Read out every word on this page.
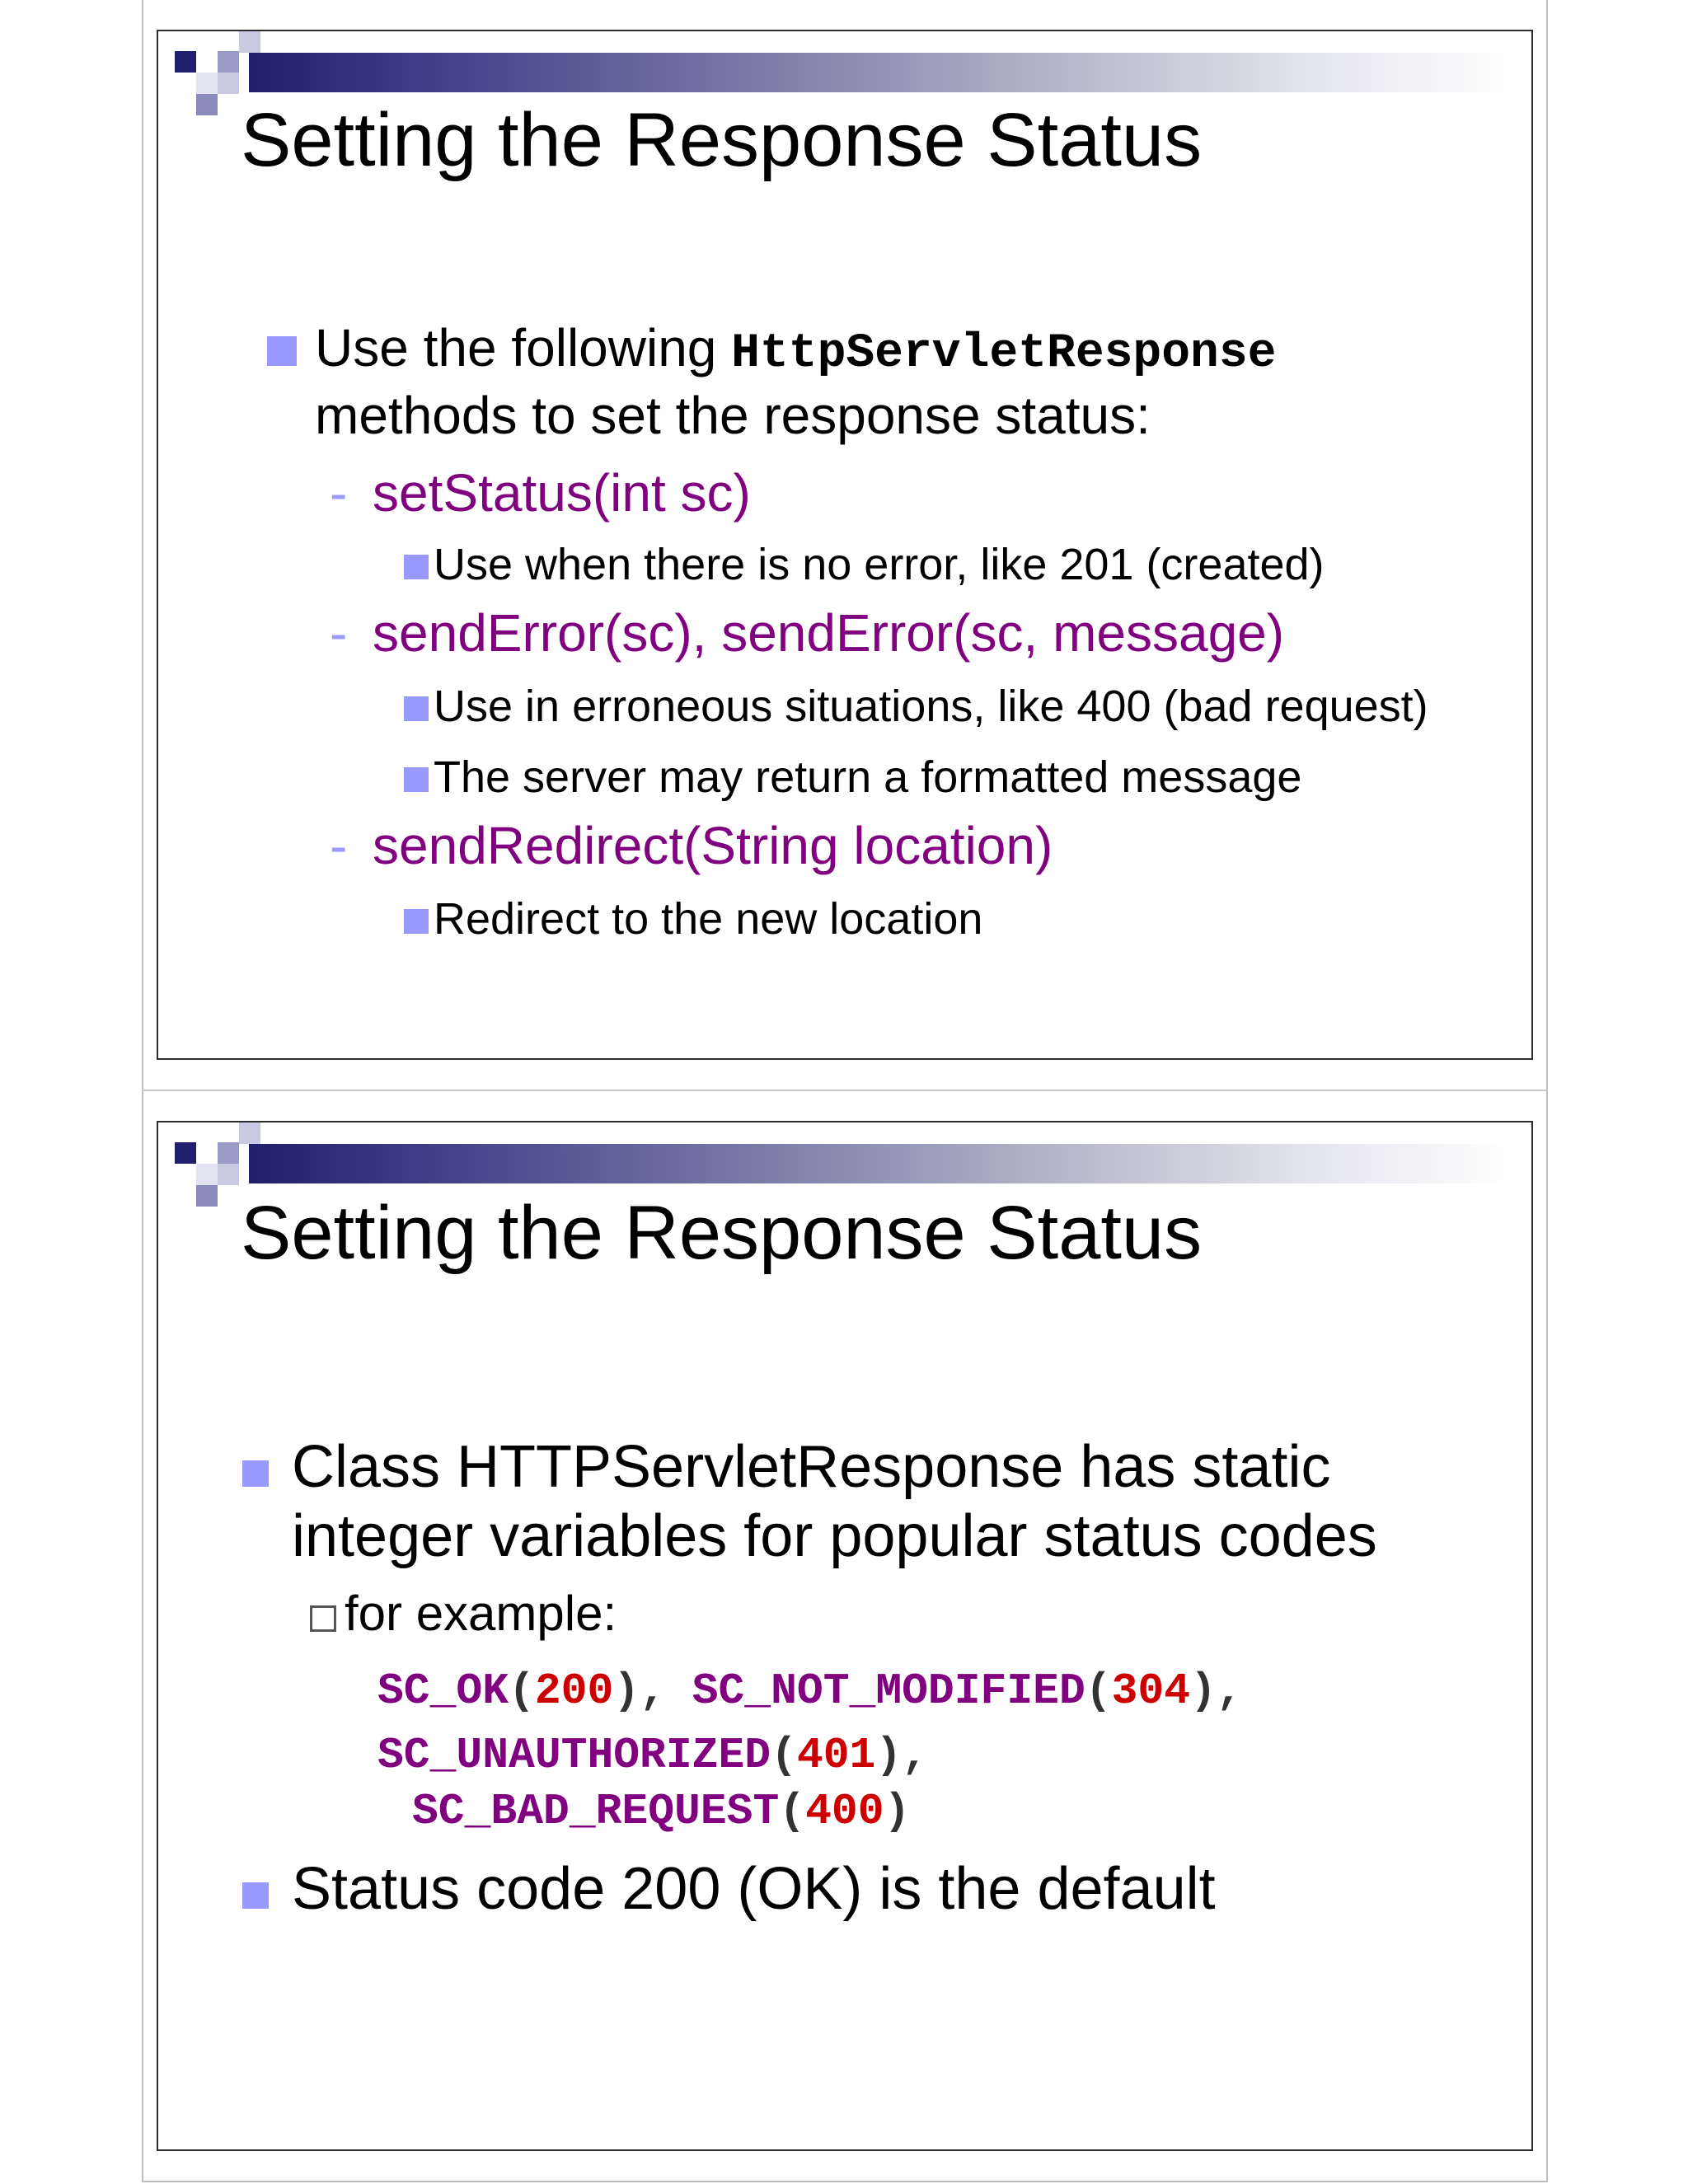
Setting the Response Status
Use the following HttpServletResponse
methods to set the response status:
- setStatus(int sc)
Use when there is no error, like 201 (created)
- sendError(sc), sendError(sc, message)
Use in erroneous situations, like 400 (bad request)
The server may return a formatted message
- sendRedirect(String location)
Redirect to the new location
Setting the Response Status
Class HTTPServletResponse has static
integer variables for popular status codes
for example:
SC_OK(200), SC_NOT_MODIFIED(304),
SC_UNAUTHORIZED(401),
SC_BAD_REQUEST(400)
Status code 200 (OK) is the default
